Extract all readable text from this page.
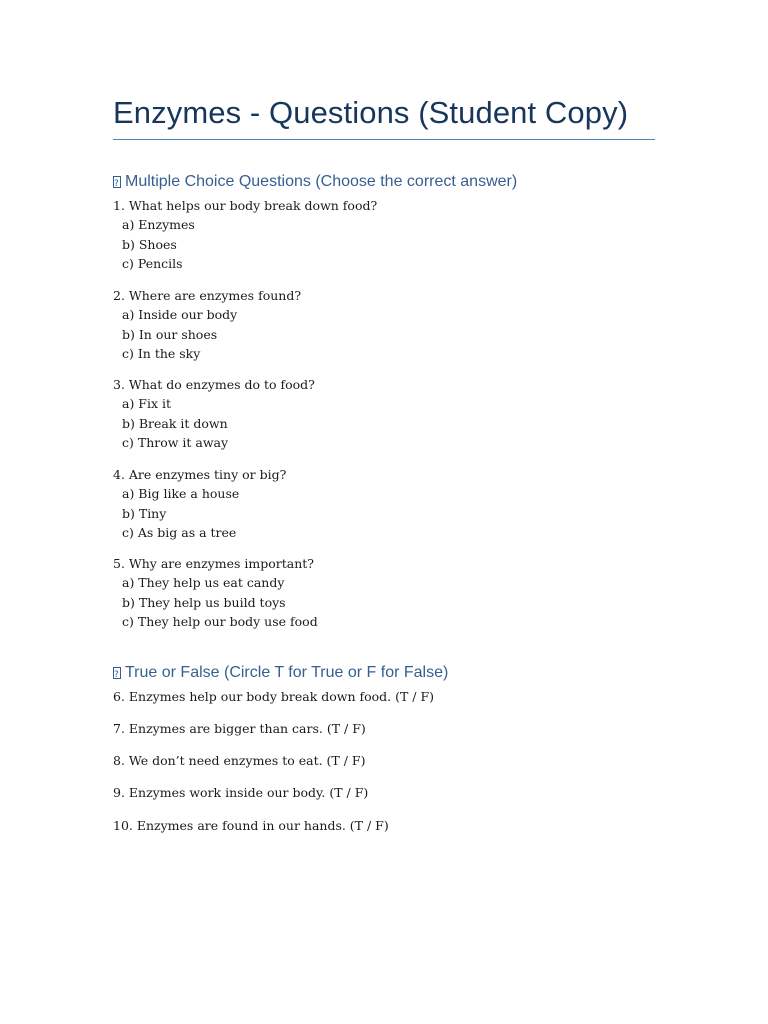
Enzymes - Questions (Student Copy)
?
Multiple Choice Questions (Choose the correct answer)
1. What helps our body break down food?
a) Enzymes
b) Shoes
c) Pencils
2. Where are enzymes found?
a) Inside our body
b) In our shoes
c) In the sky
3. What do enzymes do to food?
a) Fix it
b) Break it down
c) Throw it away
4. Are enzymes tiny or big?
a) Big like a house
b) Tiny
c) As big as a tree
5. Why are enzymes important?
a) They help us eat candy
b) They help us build toys
c) They help our body use food
?
True or False (Circle T for True or F for False)
6. Enzymes help our body break down food. (T / F)
7. Enzymes are bigger than cars. (T / F)
8. We don’t need enzymes to eat. (T / F)
9. Enzymes work inside our body. (T / F)
10. Enzymes are found in our hands. (T / F)
